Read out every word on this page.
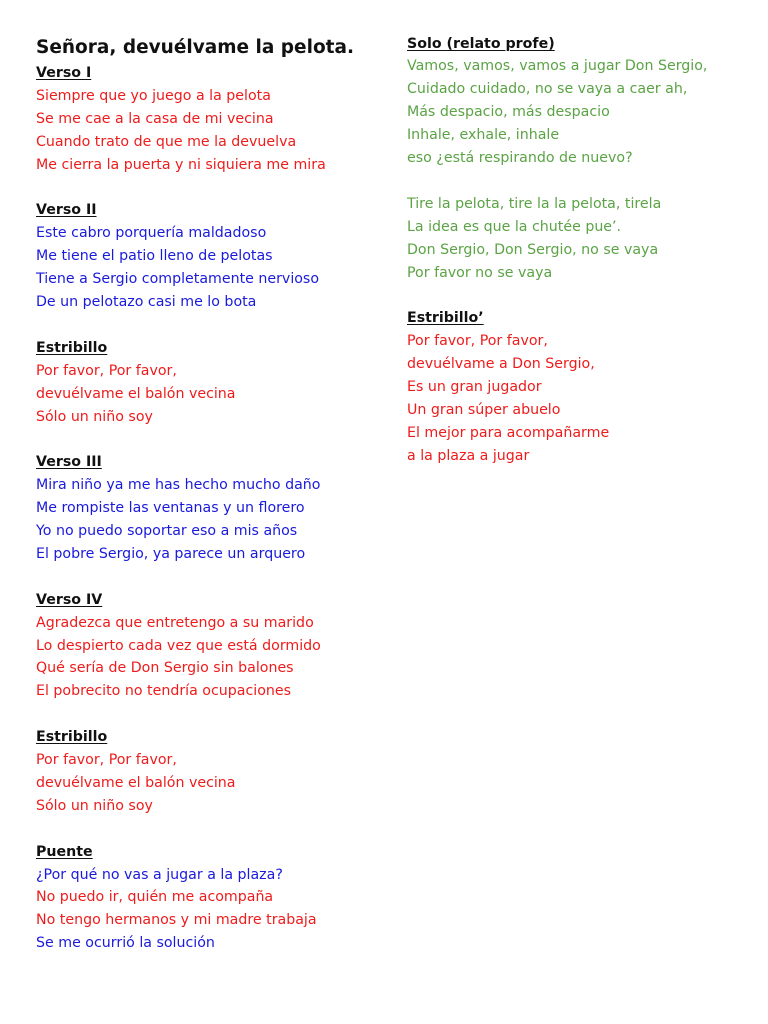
Señora, devuélvame la pelota.

Verso I

Siempre que yo juego a la pelota

Se me cae a la casa de mi vecina

Cuando trato de que me la devuelva

Me cierra la puerta y ni siquiera me mira

Verso II

Este cabro porquería maldadoso

Me tiene el patio lleno de pelotas

Tiene a Sergio completamente nervioso

De un pelotazo casi me lo bota

Estribillo

Por favor, Por favor,

devuélvame el balón vecina

Sólo un niño soy

Verso III

Mira niño ya me has hecho mucho daño

Me rompiste las ventanas y un florero

Yo no puedo soportar eso a mis años

El pobre Sergio, ya parece un arquero

Verso IV

Agradezca que entretengo a su marido

Lo despierto cada vez que está dormido

Qué sería de Don Sergio sin balones

El pobrecito no tendría ocupaciones

Estribillo

Por favor, Por favor,

devuélvame el balón vecina

Sólo un niño soy

Puente

¿Por qué no vas a jugar a la plaza?

No puedo ir, quién me acompaña

No tengo hermanos y mi madre trabaja

Se me ocurrió la solución

Solo (relato profe)

Vamos, vamos, vamos a jugar Don Sergio,

Cuidado cuidado, no se vaya a caer ah,

Más despacio, más despacio

Inhale, exhale, inhale

eso ¿está respirando de nuevo?

Tire la pelota, tire la la pelota, tirela

La idea es que la chutée pue’.

Don Sergio, Don Sergio, no se vaya

Por favor no se vaya

Estribillo’

Por favor, Por favor,

devuélvame a Don Sergio,

Es un gran jugador

Un gran súper abuelo

El mejor para acompañarme

a la plaza a jugar
